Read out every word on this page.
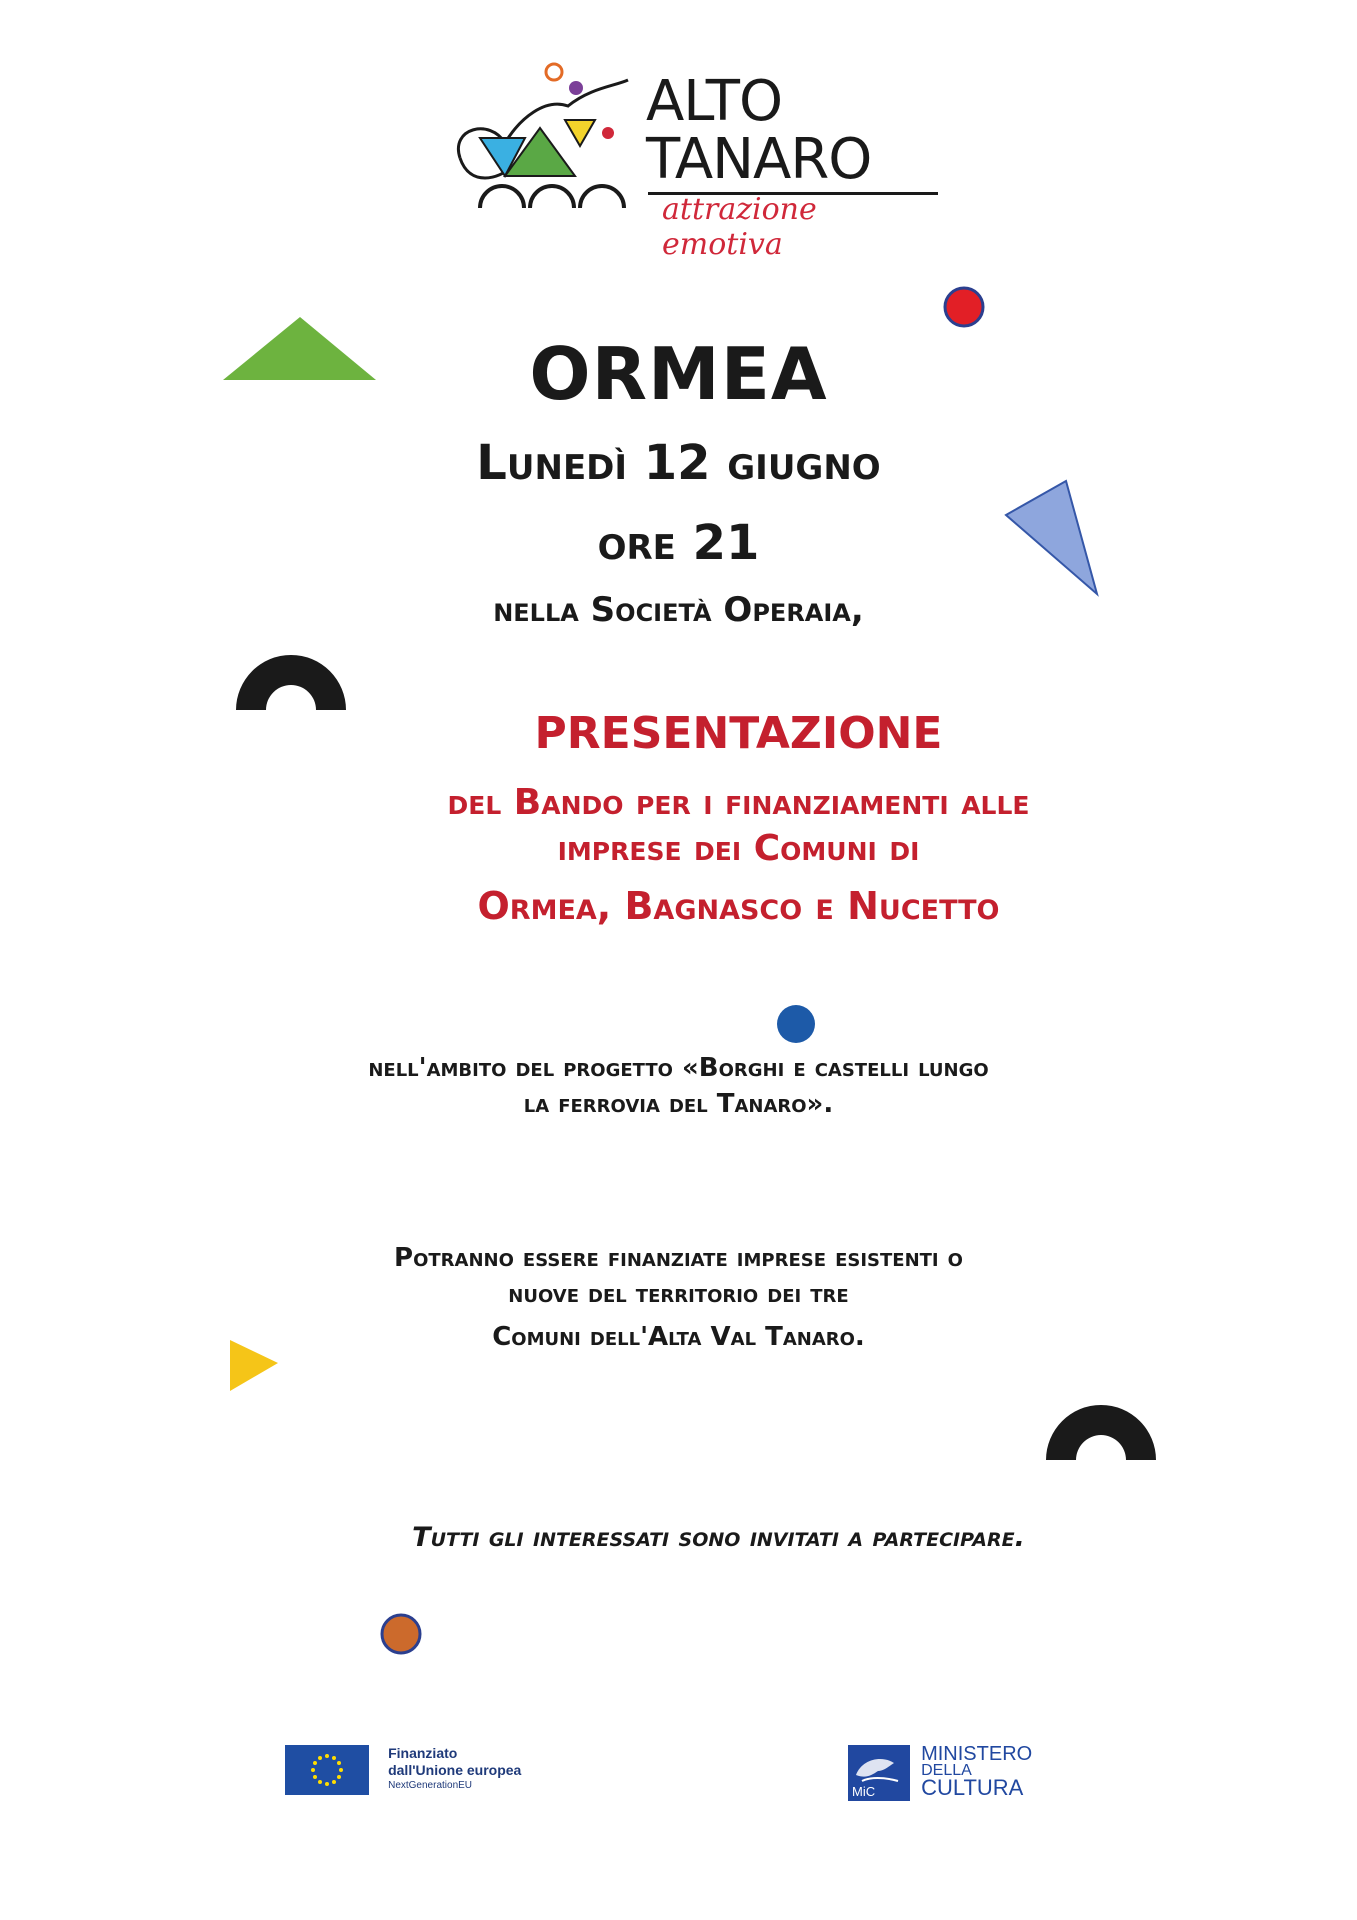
ALTO
TANARO
attrazione emotiva
ORMEA
Lunedì 12 giugno
ore 21
nella Società Operaia,
PRESENTAZIONE
del Bando per i finanziamenti alle
imprese dei Comuni di
Ormea, Bagnasco e Nucetto
nell'ambito del progetto «Borghi e castelli lungo
la ferrovia del Tanaro».
Potranno essere finanziate imprese esistenti o
nuove del territorio dei tre
Comuni dell'Alta Val Tanaro.
Tutti gli interessati sono invitati a partecipare.

Finanziato
dall'Unione europea
NextGenerationEU	MiC

MINISTERO
DELLA
CULTURA
